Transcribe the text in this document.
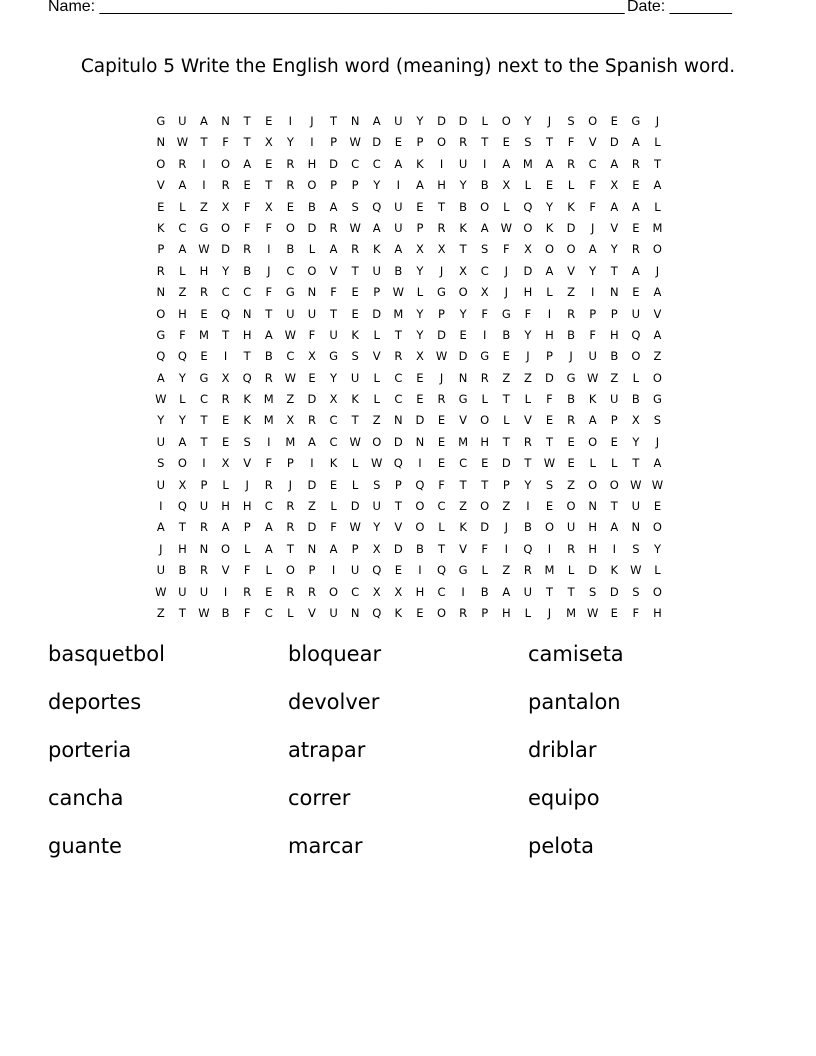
Name: ___________________________________________________________ Date: _______
Capitulo 5 Write the English word (meaning) next to the Spanish word.
G	U	A	N	T	E	I	J	T	N	A	U	Y	D	D	L	O	Y	J	S	O	E	G	J
N	W	T	F	T	X	Y	I	P	W D	E	P	O	R	T	E	S	T	F	V	D	A	L
O	R	I	O	A	E	R	H	D	C	C	A	K	I	U	I	A	M	A	R	C	A	R	T
V	A	I	R	E	T	R	O	P	P	Y	I	A	H	Y	B	X	L	E	L	F	X	E	A
E	L	Z	X	F	X	E	B	A	S	Q	U	E	T	B	O	L	Q	Y	K	F	A	A	L
K	C	G	O	F	F	O	D	R	W	A	U	P	R	K	A	W O	K	D	J	V	E	M
P	A	W D	R	I	B	L	A	R	K	A	X	X	T	S	F	X	O	O	A	Y	R	O
R	L	H	Y	B	J	C	O	V	T	U	B	Y	J	X	C	J	D	A	V	Y	T	A	J
N	Z	R	C	C	F	G	N	F	E	P	W	L	G	O	X	J	H	L	Z	I	N	E	A
O	H	E	Q	N	T	U	U	T	E	D	M	Y	P	Y	F	G	F	I	R	P	P	U	V
G	F	M	T	H	A	W	F	U	K	L	T	Y	D	E	I	B	Y	H	B	F	H	Q	A
Q	Q	E	I	T	B	C	X	G	S	V	R	X	W D	G	E	J	P	J	U	B	O	Z
A	Y	G	X	Q	R	W	E	Y	U	L	C	E	J	N	R	Z	Z	D	G W	Z	L	O
W	L	C	R	K	M	Z	D	X	K	L	C	E	R	G	L	T	L	F	B	K	U	B	G
Y	Y	T	E	K	M	X	R	C	T	Z	N	D	E	V	O	L	V	E	R	A	P	X	S
U	A	T	E	S	I	M	A	C	W O	D	N	E	M	H	T	R	T	E	O	E	Y	J
S	O	I	X	V	F	P	I	K	L	W Q	I	E	C	E	D	T	W	E	L	L	T	A
U	X	P	L	J	R	J	D	E	L	S	P	Q	F	T	T	P	Y	S	Z	O	O W W
I	Q	U	H	H	C	R	Z	L	D	U	T	O	C	Z	O	Z	I	E	O	N	T	U	E
A	T	R	A	P	A	R	D	F	W	Y	V	O	L	K	D	J	B	O	U	H	A	N	O
J	H	N	O	L	A	T	N	A	P	X	D	B	T	V	F	I	Q	I	R	H	I	S	Y
U	B	R	V	F	L	O	P	I	U	Q	E	I	Q	G	L	Z	R	M	L	D	K	W	L
W	U	U	I	R	E	R	R	O	C	X	X	H	C	I	B	A	U	T	T	S	D	S	O
Z	T	W	B	F	C	L	V	U	N	Q	K	E	O	R	P	H	L	J	M W	E	F	H
basquetbol	bloquear	camiseta
deportes	devolver	pantalon
porteria	atrapar	driblar
cancha	correr	equipo
guante	marcar	pelota
